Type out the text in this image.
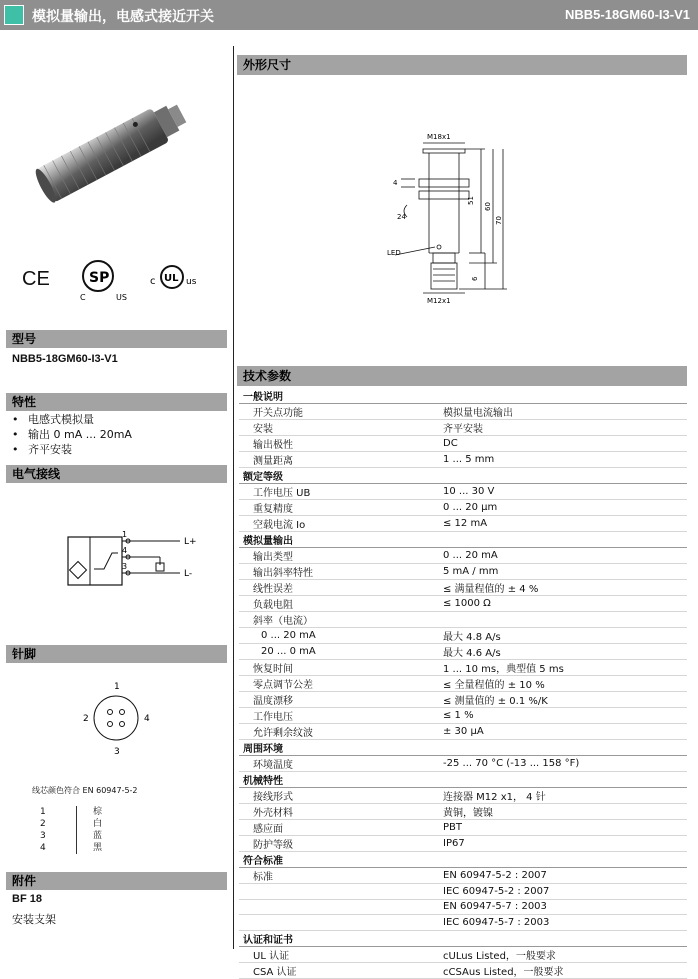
模拟量输出，电感式接近开关	NBB5-18GM60-I3-V1
CE	SP
C	US
c UL us
型号
NBB5-18GM60-I3-V1
特性
• 电感式模拟量
• 输出 0 mA ... 20mA
• 齐平安装
电气接线
1
4
3
L+
L-
针脚
1
2	4
3
线芯颜色符合 EN 60947-5-2
1	棕
2	白
3	蓝
4	黑
附件
BF 18
安装支架
外形尺寸
M18x1
M12x1
LED
4
24
51
60
70
6
技术参数
一般说明	
开关点功能	模拟量电流输出
安装	齐平安装
输出极性	DC
测量距离	1 ... 5 mm
额定等级	
工作电压 UB	10 ... 30 V
重复精度	0 ... 20 µm
空载电流 Io	≤ 12 mA
模拟量输出	
输出类型	0 ... 20 mA
输出斜率特性	5 mA / mm
线性误差	≤ 满量程值的 ± 4 %
负载电阻	≤ 1000 Ω
斜率（电流）	
0 ... 20 mA	最大 4.8 A/s
20 ... 0 mA	最大 4.6 A/s
恢复时间	1 ... 10 ms，典型值 5 ms
零点调节公差	≤ 全量程值的 ± 10 %
温度漂移	≤ 测量值的 ± 0.1 %/K
工作电压	≤ 1 %
允许剩余纹波	± 30 µA
周围环境	
环境温度	-25 ... 70 °C (-13 ... 158 °F)
机械特性	
接线形式	连接器 M12 x1， 4 针
外壳材料	黄铜，镀镍
感应面	PBT
防护等级	IP67
符合标准	
标准	EN 60947-5-2 : 2007
	IEC 60947-5-2 : 2007
	EN 60947-5-7 : 2003
	IEC 60947-5-7 : 2003
认证和证书	
UL 认证	cULus Listed，一般要求
CSA 认证	cCSAus Listed，一般要求
